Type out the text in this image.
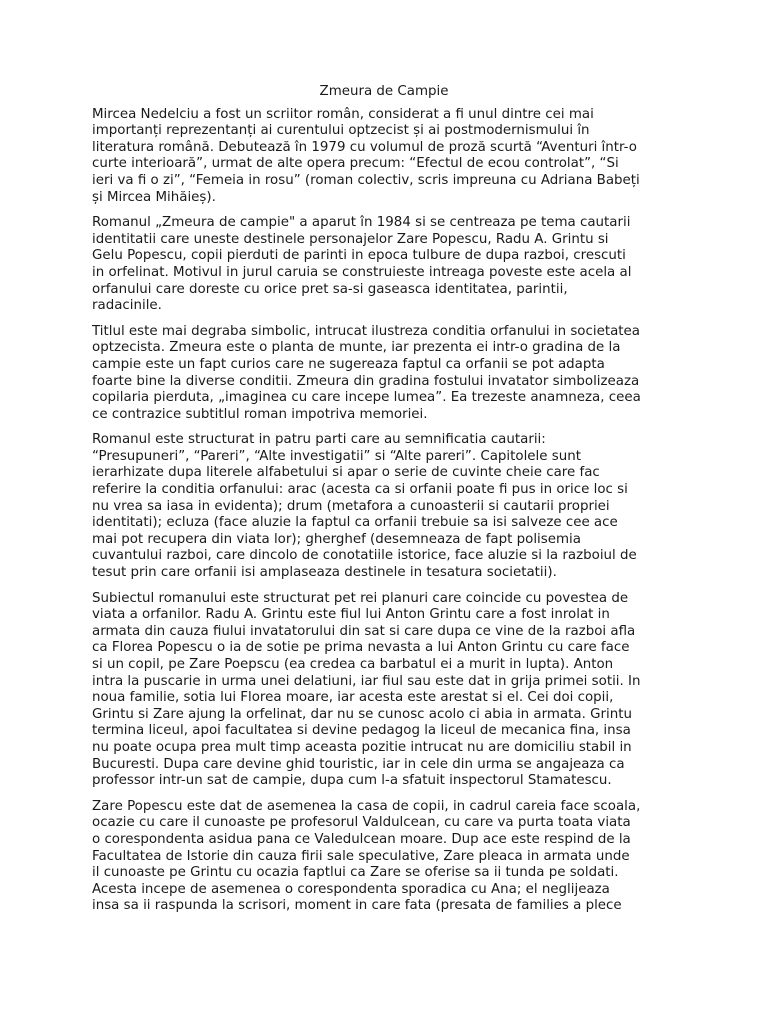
Zmeura de Campie
Mircea Nedelciu a fost un scriitor român, considerat a fi unul dintre cei mai
importanți reprezentanți ai curentului optzecist și ai postmodernismului în
literatura română. Debutează în 1979 cu volumul de proză scurtă “Aventuri într-o
curte interioară”, urmat de alte opera precum: “Efectul de ecou controlat”, “Si
ieri va fi o zi”, “Femeia in rosu” (roman colectiv, scris impreuna cu Adriana Babeți
și Mircea Mihăieș).
Romanul „Zmeura de campie" a aparut în 1984 si se centreaza pe tema cautarii
identitatii care uneste destinele personajelor Zare Popescu, Radu A. Grintu si
Gelu Popescu, copii pierduti de parinti in epoca tulbure de dupa razboi, crescuti
in orfelinat. Motivul in jurul caruia se construieste intreaga poveste este acela al
orfanului care doreste cu orice pret sa-si gaseasca identitatea, parintii,
radacinile.
Titlul este mai degraba simbolic, intrucat ilustreza conditia orfanului in societatea
optzecista. Zmeura este o planta de munte, iar prezenta ei intr-o gradina de la
campie este un fapt curios care ne sugereaza faptul ca orfanii se pot adapta
foarte bine la diverse conditii. Zmeura din gradina fostului invatator simbolizeaza
copilaria pierduta, „imaginea cu care incepe lumea”. Ea trezeste anamneza, ceea
ce contrazice subtitlul roman impotriva memoriei.
Romanul este structurat in patru parti care au semnificatia cautarii:
“Presupuneri”, “Pareri”, “Alte investigatii” si “Alte pareri”. Capitolele sunt
ierarhizate dupa literele alfabetului si apar o serie de cuvinte cheie care fac
referire la conditia orfanului: arac (acesta ca si orfanii poate fi pus in orice loc si
nu vrea sa iasa in evidenta); drum (metafora a cunoasterii si cautarii propriei
identitati); ecluza (face aluzie la faptul ca orfanii trebuie sa isi salveze cee ace
mai pot recupera din viata lor); gherghef (desemneaza de fapt polisemia
cuvantului razboi, care dincolo de conotatiile istorice, face aluzie si la razboiul de
tesut prin care orfanii isi amplaseaza destinele in tesatura societatii).
Subiectul romanului este structurat pet rei planuri care coincide cu povestea de
viata a orfanilor. Radu A. Grintu este fiul lui Anton Grintu care a fost inrolat in
armata din cauza fiului invatatorului din sat si care dupa ce vine de la razboi afla
ca Florea Popescu o ia de sotie pe prima nevasta a lui Anton Grintu cu care face
si un copil, pe Zare Poepscu (ea credea ca barbatul ei a murit in lupta). Anton
intra la puscarie in urma unei delatiuni, iar fiul sau este dat in grija primei sotii. In
noua familie, sotia lui Florea moare, iar acesta este arestat si el. Cei doi copii,
Grintu si Zare ajung la orfelinat, dar nu se cunosc acolo ci abia in armata. Grintu
termina liceul, apoi facultatea si devine pedagog la liceul de mecanica fina, insa
nu poate ocupa prea mult timp aceasta pozitie intrucat nu are domiciliu stabil in
Bucuresti. Dupa care devine ghid touristic, iar in cele din urma se angajeaza ca
professor intr-un sat de campie, dupa cum l-a sfatuit inspectorul Stamatescu.
Zare Popescu este dat de asemenea la casa de copii, in cadrul careia face scoala,
ocazie cu care il cunoaste pe profesorul Valdulcean, cu care va purta toata viata
o corespondenta asidua pana ce Valedulcean moare. Dup ace este respind de la
Facultatea de Istorie din cauza firii sale speculative, Zare pleaca in armata unde
il cunoaste pe Grintu cu ocazia faptlui ca Zare se oferise sa ii tunda pe soldati.
Acesta incepe de asemenea o corespondenta sporadica cu Ana; el neglijeaza
insa sa ii raspunda la scrisori, moment in care fata (presata de families a plece
